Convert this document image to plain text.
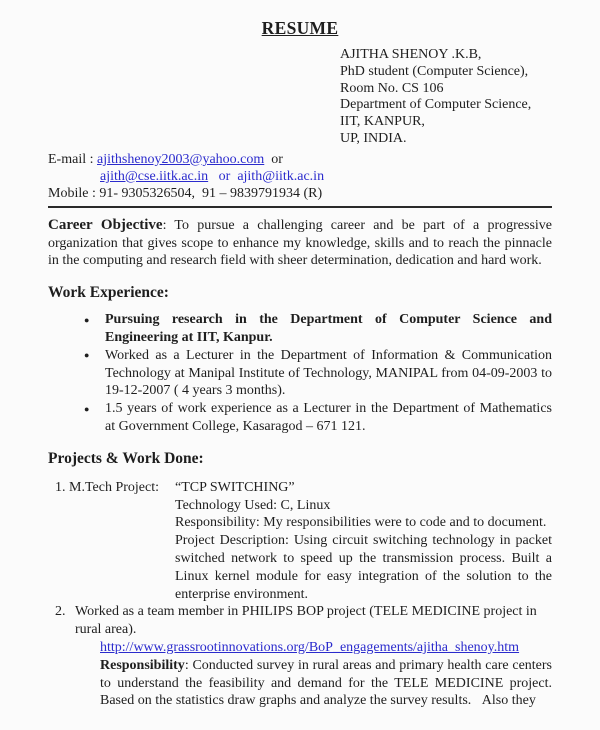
RESUME
AJITHA SHENOY .K.B,
PhD student (Computer Science),
Room No. CS 106
Department of Computer Science,
IIT, KANPUR,
UP, INDIA.
E-mail : ajithshenoy2003@yahoo.com  or
ajith@cse.iitk.ac.in   or  ajith@iitk.ac.in
Mobile : 91- 9305326504,  91 – 9839791934 (R)

Career Objective: To pursue a challenging career and be part of a progressive organization that gives scope to enhance my knowledge, skills and to reach the pinnacle in the computing and research field with sheer determination, dedication and hard work.

Work Experience:
● Pursuing research in the Department of Computer Science and Engineering at IIT, Kanpur.
● Worked as a Lecturer in the Department of Information & Communication Technology at Manipal Institute of Technology, MANIPAL from 04-09-2003 to 19-12-2007 ( 4 years 3 months).
● 1.5 years of work experience as a Lecturer in the Department of Mathematics at Government College, Kasaragod – 671 121.
Projects & Work Done:
1. M.Tech Project:	“TCP SWITCHING”
Technology Used: C, Linux
Responsibility: My responsibilities were to code and to document.
Project Description: Using circuit switching technology in packet switched network to speed up the transmission process. Built a Linux kernel module for easy integration of the solution to the enterprise environment.
2. Worked as a team member in PHILIPS BOP project (TELE MEDICINE project in rural area).
http://www.grassrootinnovations.org/BoP_engagements/ajitha_shenoy.htm
Responsibility: Conducted survey in rural areas and primary health care centers to understand the feasibility and demand for the TELE MEDICINE project. Based on the statistics draw graphs and analyze the survey results.   Also they
